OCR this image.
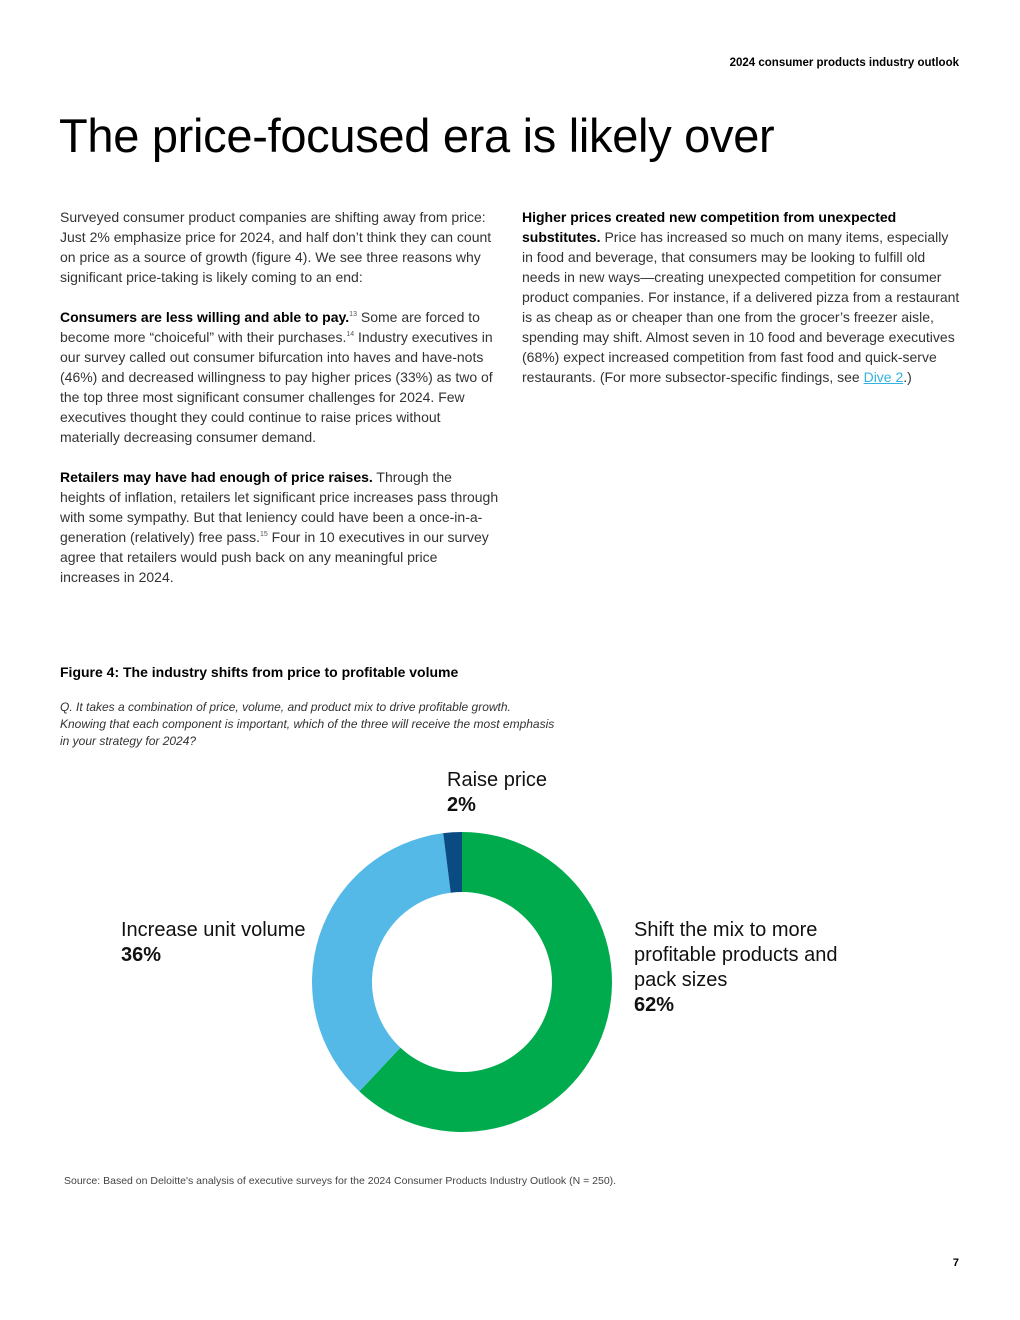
2024 consumer products industry outlook
The price-focused era is likely over

Surveyed consumer product companies are shifting away from price: Just 2% emphasize price for 2024, and half don’t think they can count on price as a source of growth (figure 4). We see three reasons why significant price-taking is likely coming to an end:

Consumers are less willing and able to pay.$^{13}$ Some are forced to become more “choiceful” with their purchases.$^{14}$ Industry executives in our survey called out consumer bifurcation into haves and have-nots (46%) and decreased willingness to pay higher prices (33%) as two of the top three most significant consumer challenges for 2024. Few executives thought they could continue to raise prices without materially decreasing consumer demand.

Retailers may have had enough of price raises. Through the heights of inflation, retailers let significant price increases pass through with some sympathy. But that leniency could have been a once-in-a-generation (relatively) free pass.$^{15}$ Four in 10 executives in our survey agree that retailers would push back on any meaningful price increases in 2024.

Higher prices created new competition from unexpected substitutes. Price has increased so much on many items, especially in food and beverage, that consumers may be looking to fulfill old needs in new ways—creating unexpected competition for consumer product companies. For instance, if a delivered pizza from a restaurant is as cheap as or cheaper than one from the grocer’s freezer aisle, spending may shift. Almost seven in 10 food and beverage executives (68%) expect increased competition from fast food and quick-serve restaurants. (For more subsector-specific findings, see Dive 2.)

Figure 4: The industry shifts from price to profitable volume
Q. It takes a combination of price, volume, and product mix to drive profitable growth. Knowing that each component is important, which of the three will receive the most emphasis in your strategy for 2024?
Raise price
2%
Increase unit volume
36%
Shift the mix to more profitable products and pack sizes
62%
Source: Based on Deloitte's analysis of executive surveys for the 2024 Consumer Products Industry Outlook (N = 250).
7
